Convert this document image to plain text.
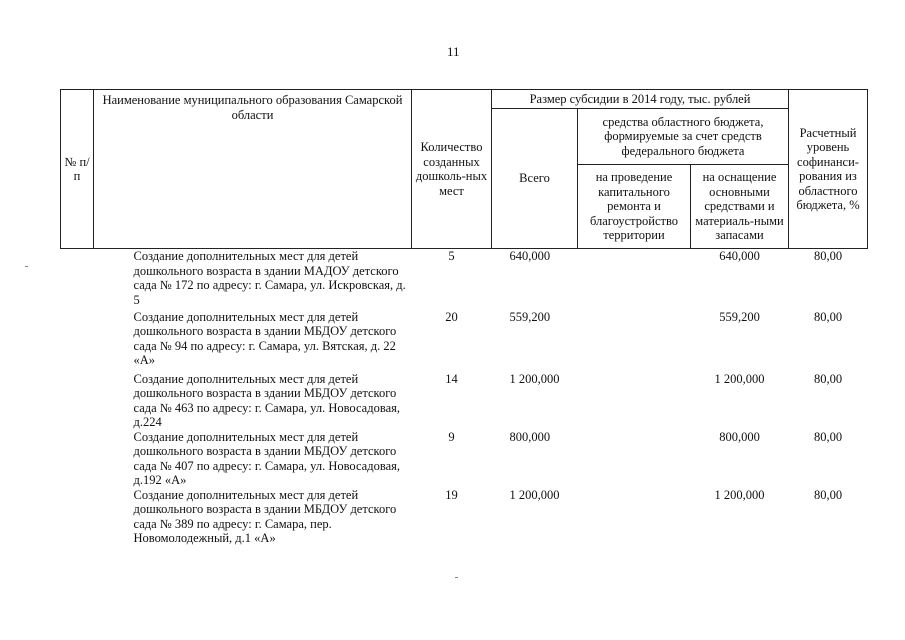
11
№ п/п	Наименование муниципального образования Самарской области	Количество созданных дошколь-ных мест	Размер субсидии в 2014 году, тыс. рублей			Расчетный уровень софинанси-рования из областного бюджета, %
			Всего	средства областного бюджета, формируемые за счет средств федерального бюджета		
				на проведение капитального ремонта и благоустройство территории	на оснащение основными средствами и материаль-ными запасами	
	Создание дополнительных мест для детей дошкольного возраста в здании МАДОУ детского сада № 172 по адресу: г. Самара, ул. Искровская, д. 5	5	640,000		640,000	80,00
	Создание дополнительных мест для детей дошкольного возраста в здании МБДОУ детского сада № 94 по адресу: г. Самара, ул. Вятская, д. 22 «А»	20	559,200		559,200	80,00
	Создание дополнительных мест для детей дошкольного возраста в здании МБДОУ детского сада № 463 по адресу: г. Самара, ул. Новосадовая, д.224	14	1 200,000		1 200,000	80,00
	Создание дополнительных мест для детей дошкольного возраста в здании МБДОУ детского сада № 407 по адресу: г. Самара, ул. Новосадовая, д.192 «А»	9	800,000		800,000	80,00
	Создание дополнительных мест для детей дошкольного возраста в здании МБДОУ детского сада № 389 по адресу: г. Самара, пер. Новомолодежный, д.1 «А»	19	1 200,000		1 200,000	80,00
